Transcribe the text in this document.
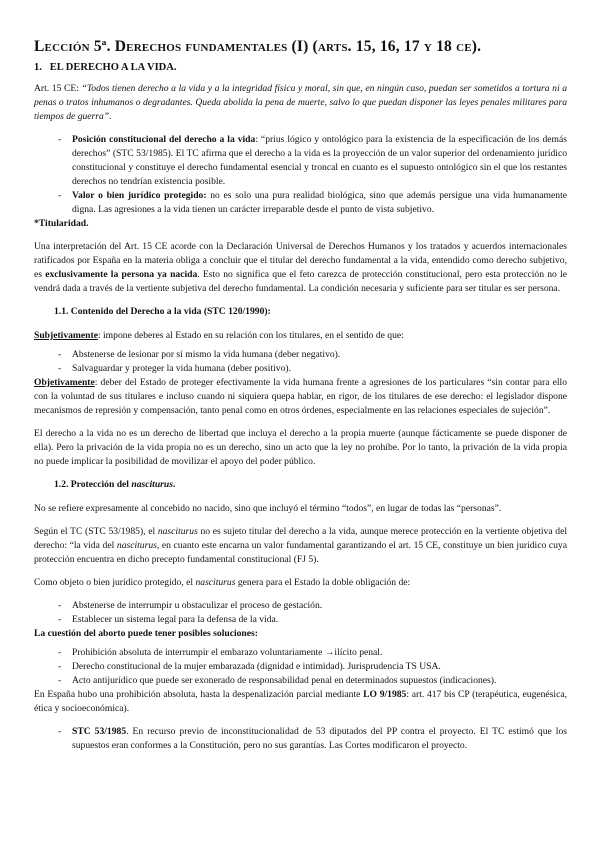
Lección 5ª. Derechos fundamentales (I) (arts. 15, 16, 17 y 18 ce).
1. EL DERECHO A LA VIDA.

Art. 15 CE: “Todos tienen derecho a la vida y a la integridad física y moral, sin que, en ningún caso, puedan ser sometidos a tortura ni a penas o tratos inhumanos o degradantes. Queda abolida la pena de muerte, salvo lo que puedan disponer las leyes penales militares para tiempos de guerra”.

- Posición constitucional del derecho a la vida: “prius lógico y ontológico para la existencia de la especificación de los demás derechos” (STC 53/1985). El TC afirma que el derecho a la vida es la proyección de un valor superior del ordenamiento jurídico constitucional y constituye el derecho fundamental esencial y troncal en cuanto es el supuesto ontológico sin el que los restantes derechos no tendrían existencia posible.
- Valor o bien jurídico protegido: no es solo una pura realidad biológica, sino que además persigue una vida humanamente digna. Las agresiones a la vida tienen un carácter irreparable desde el punto de vista subjetivo.

*Titularidad.

Una interpretación del Art. 15 CE acorde con la Declaración Universal de Derechos Humanos y los tratados y acuerdos internacionales ratificados por España en la materia obliga a concluir que el titular del derecho fundamental a la vida, entendido como derecho subjetivo, es exclusivamente la persona ya nacida. Esto no significa que el feto carezca de protección constitucional, pero esta protección no le vendrá dada a través de la vertiente subjetiva del derecho fundamental. La condición necesaria y suficiente para ser titular es ser persona.

1.1. Contenido del Derecho a la vida (STC 120/1990):

Subjetivamente: impone deberes al Estado en su relación con los titulares, en el sentido de que:

- Abstenerse de lesionar por sí mismo la vida humana (deber negativo).
- Salvaguardar y proteger la vida humana (deber positivo).

Objetivamente: deber del Estado de proteger efectivamente la vida humana frente a agresiones de los particulares “sin contar para ello con la voluntad de sus titulares e incluso cuando ni siquiera quepa hablar, en rigor, de los titulares de ese derecho: el legislador dispone mecanismos de represión y compensación, tanto penal como en otros órdenes, especialmente en las relaciones especiales de sujeción”.

El derecho a la vida no es un derecho de libertad que incluya el derecho a la propia muerte (aunque fácticamente se puede disponer de ella). Pero la privación de la vida propia no es un derecho, sino un acto que la ley no prohíbe. Por lo tanto, la privación de la vida propia no puede implicar la posibilidad de movilizar el apoyo del poder público.

1.2. Protección del nasciturus.

No se refiere expresamente al concebido no nacido, sino que incluyó el término “todos”, en lugar de todas las “personas”.

Según el TC (STC 53/1985), el nasciturus no es sujeto titular del derecho a la vida, aunque merece protección en la vertiente objetiva del derecho: “la vida del nasciturus, en cuanto este encarna un valor fundamental garantizando el art. 15 CE, constituye un bien jurídico cuya protección encuentra en dicho precepto fundamental constitucional (FJ 5).

Como objeto o bien jurídico protegido, el nasciturus genera para el Estado la doble obligación de:

- Abstenerse de interrumpir u obstaculizar el proceso de gestación.
- Establecer un sistema legal para la defensa de la vida.

La cuestión del aborto puede tener posibles soluciones:

- Prohibición absoluta de interrumpir el embarazo voluntariamente →ilícito penal.
- Derecho constitucional de la mujer embarazada (dignidad e intimidad). Jurisprudencia TS USA.
- Acto antijurídico que puede ser exonerado de responsabilidad penal en determinados supuestos (indicaciones).

En España hubo una prohibición absoluta, hasta la despenalización parcial mediante LO 9/1985: art. 417 bis CP (terapéutica, eugenésica, ética y socioeconómica).

- STC 53/1985. En recurso previo de inconstitucionalidad de 53 diputados del PP contra el proyecto. El TC estimó que los supuestos eran conformes a la Constitución, pero no sus garantías. Las Cortes modificaron el proyecto.
